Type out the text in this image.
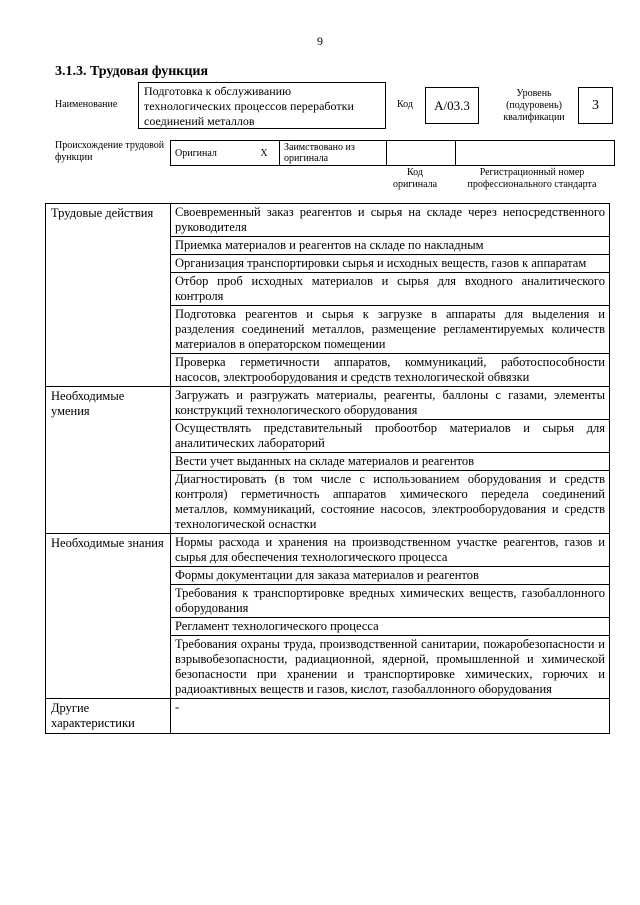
9
3.1.3. Трудовая функция
Наименование
Подготовка к обслуживанию технологических процессов переработки соединений металлов
Код	А/03.3
Уровень (подуровень) квалификации
3
Происхождение трудовой функции	Оригинал	X	Заимствовано из оригинала		
Код оригинала
Регистрационный номер профессионального стандарта
Трудовые действия	Своевременный заказ реагентов и сырья на складе через непосредственного руководителя
	Приемка материалов и реагентов на складе по накладным
	Организация транспортировки сырья и исходных веществ, газов к аппаратам
	Отбор проб исходных материалов и сырья для входного аналитического контроля
	Подготовка реагентов и сырья к загрузке в аппараты для выделения и разделения соединений металлов, размещение регламентируемых количеств материалов в операторском помещении
	Проверка герметичности аппаратов, коммуникаций, работоспособности насосов, электрооборудования и средств технологической обвязки
Необходимые умения	Загружать и разгружать материалы, реагенты, баллоны с газами, элементы конструкций технологического оборудования
	Осуществлять представительный пробоотбор материалов и сырья для аналитических лабораторий
	Вести учет выданных на складе материалов и реагентов
	Диагностировать (в том числе с использованием оборудования и средств контроля) герметичность аппаратов химического передела соединений металлов, коммуникаций, состояние насосов, электрооборудования и средств технологической оснастки
Необходимые знания	Нормы расхода и хранения на производственном участке реагентов, газов и сырья для обеспечения технологического процесса
	Формы документации для заказа материалов и реагентов
	Требования к транспортировке вредных химических веществ, газобаллонного оборудования
	Регламент технологического процесса
	Требования охраны труда, производственной санитарии, пожаробезопасности и взрывобезопасности, радиационной, ядерной, промышленной и химической безопасности при хранении и транспортировке химических, горючих и радиоактивных веществ и газов, кислот, газобаллонного оборудования
Другие характеристики	-
